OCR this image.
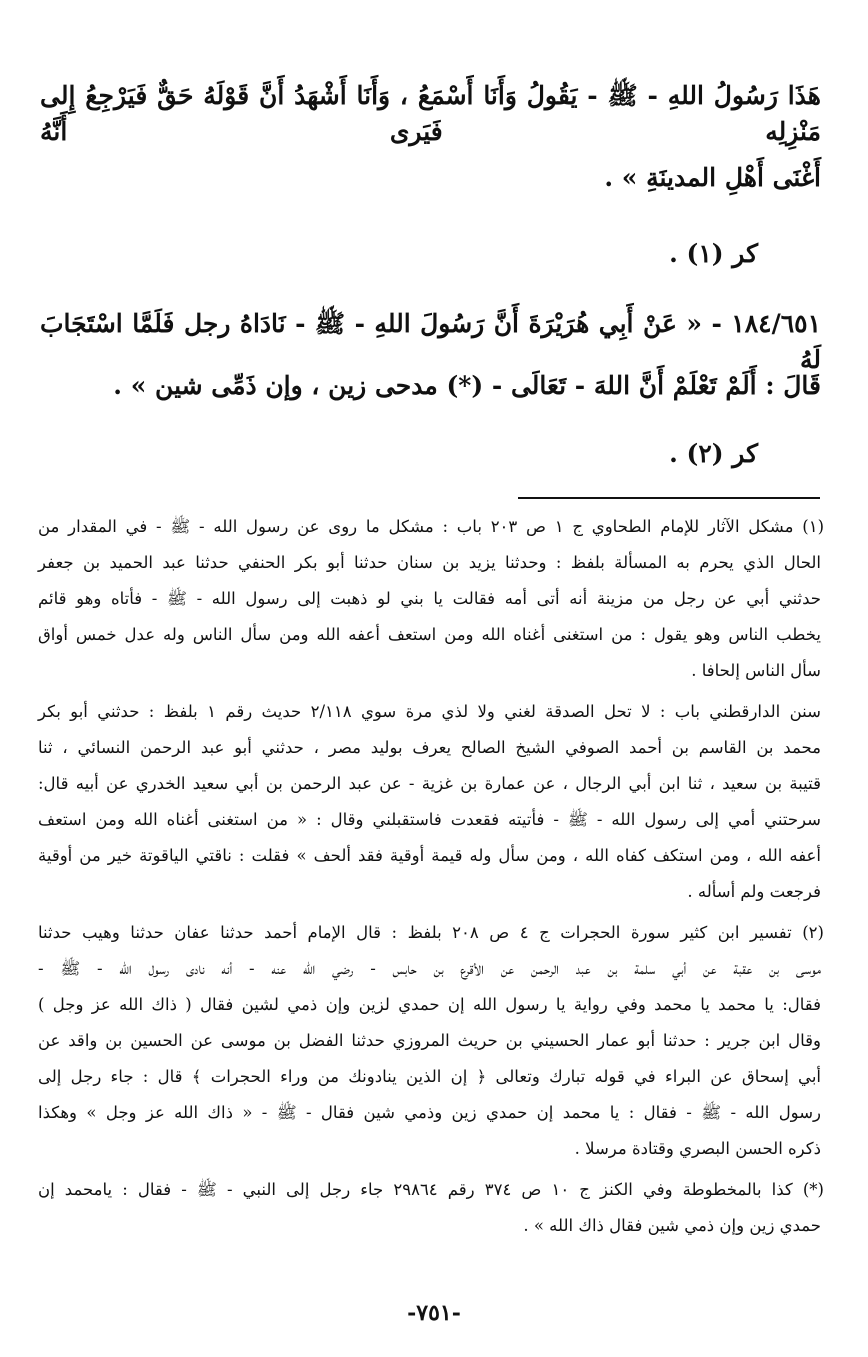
هَذَا رَسُولُ اللهِ - ﷺ - يَقُولُ وَأَنَا أَسْمَعُ ، وَأَنَا أَشْهَدُ أَنَّ قَوْلَهُ حَقٌّ فَيَرْجِعُ إِلى مَنْزِلِه فَيَرى أَنَّهُ
أَغْنَى أَهْلِ المدينَةِ » .
كر (١) .
١٨٤/٦٥١ - « عَنْ أَبِي هُرَيْرَةَ أَنَّ رَسُولَ اللهِ - ﷺ - نَادَاهُ رجل فَلَمَّا اسْتَجَابَ لَهُ
قَالَ : أَلَمْ تَعْلَمْ أَنَّ اللهَ - تَعَالَى - (*) مدحى زين ، وإن ذَمِّى شين » .
كر (٢) .
(١) مشكل الآثار للإمام الطحاوي ج ١ ص ٢٠٣ باب : مشكل ما روى عن رسول الله - ﷺ - في المقدار من
الحال الذي يحرم به المسألة بلفظ : وحدثنا يزيد بن سنان حدثنا أبو بكر الحنفي حدثنا عبد الحميد بن جعفر
حدثني أبي عن رجل من مزينة أنه أتى أمه فقالت يا بني لو ذهبت إلى رسول الله - ﷺ - فأتاه وهو قائم
يخطب الناس وهو يقول : من استغنى أغناه الله ومن استعف أعفه الله ومن سأل الناس وله عدل خمس أواق
سأل الناس إلحافا .
سنن الدارقطني باب : لا تحل الصدقة لغني ولا لذي مرة سوي ٢/١١٨ حديث رقم ١ بلفظ : حدثني أبو بكر
محمد بن القاسم بن أحمد الصوفي الشيخ الصالح يعرف بوليد مصر ، حدثني أبو عبد الرحمن النسائي ، ثنا
قتيبة بن سعيد ، ثنا ابن أبي الرجال ، عن عمارة بن غزية - عن عبد الرحمن بن أبي سعيد الخدري عن أبيه قال:
سرحتني أمي إلى رسول الله - ﷺ - فأتيته فقعدت فاستقبلني وقال : « من استغنى أغناه الله ومن استعف
أعفه الله ، ومن استكف كفاه الله ، ومن سأل وله قيمة أوقية فقد ألحف » فقلت : ناقتي الياقوتة خير من أوقية
فرجعت ولم أسأله .
(٢) تفسير ابن كثير سورة الحجرات ج ٤ ص ٢٠٨ بلفظ : قال الإمام أحمد حدثنا عفان حدثنا وهيب حدثنا
موسى بن عقبة عن أبي سلمة بن عبد الرحمن عن الأقرع بن حابس - رضي الله عنه - أنه نادى رسول الله - ﷺ -
فقال: يا محمد يا محمد وفي رواية يا رسول الله إن حمدي لزين وإن ذمي لشين فقال ( ذاك الله عز وجل )
وقال ابن جرير : حدثنا أبو عمار الحسيني بن حريث المروزي حدثنا الفضل بن موسى عن الحسين بن واقد عن
أبي إسحاق عن البراء في قوله تبارك وتعالى ﴿ إن الذين ينادونك من وراء الحجرات ﴾ قال : جاء رجل إلى
رسول الله - ﷺ - فقال : يا محمد إن حمدي زين وذمي شين فقال - ﷺ - « ذاك الله عز وجل » وهكذا
ذكره الحسن البصري وقتادة مرسلا .
(*) كذا بالمخطوطة وفي الكنز ج ١٠ ص ٣٧٤ رقم ٢٩٨٦٤ جاء رجل إلى النبي - ﷺ - فقال : يامحمد إن
حمدي زين وإن ذمي شين فقال ذاك الله » .
-٧٥١-
